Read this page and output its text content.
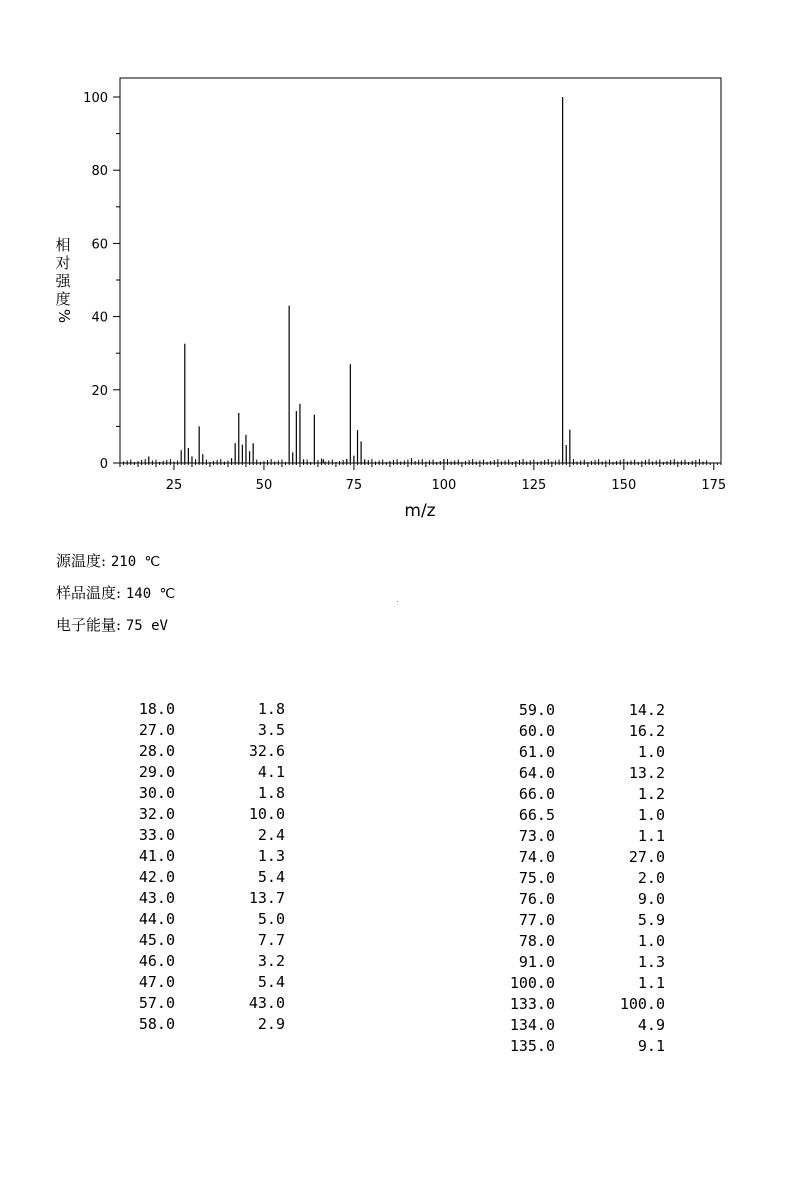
25	50	75	100	125	150	175
0
20
40
60
80
100
m/z
相
对
强
度
%
源温度: 210 ℃
样品温度: 140 ℃
电子能量: 75 eV
18.0	1.8
27.0	3.5
28.0	32.6
29.0	4.1
30.0	1.8
32.0	10.0
33.0	2.4
41.0	1.3
42.0	5.4
43.0	13.7
44.0	5.0
45.0	7.7
46.0	3.2
47.0	5.4
57.0	43.0
58.0	2.9
59.0	14.2
60.0	16.2
61.0	1.0
64.0	13.2
66.0	1.2
66.5	1.0
73.0	1.1
74.0	27.0
75.0	2.0
76.0	9.0
77.0	5.9
78.0	1.0
91.0	1.3
100.0	1.1
133.0	100.0
134.0	4.9
135.0	9.1
